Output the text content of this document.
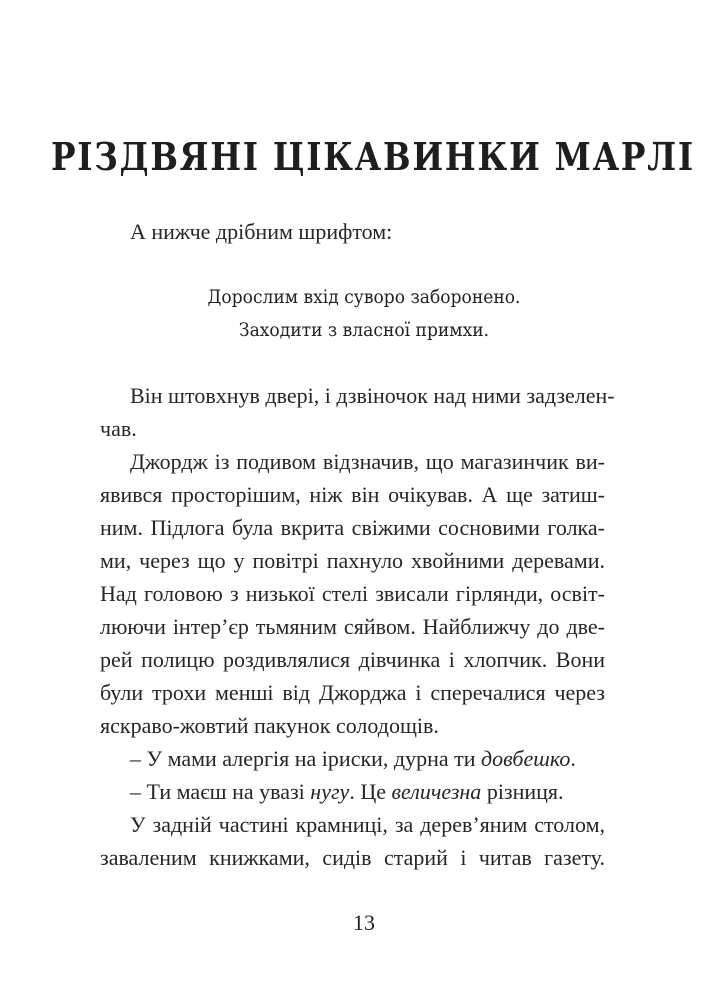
РІЗДВЯНІ ЦІКАВИНКИ МАРЛІ
А нижче дрібним шрифтом:
Дорослим вхід суворо заборонено.
Заходити з власної примхи.
Він штовхнув двері, і дзвіночок над ними задзелен-
чав.
Джордж із подивом відзначив, що магазинчик ви-
явився просторішим, ніж він очікував. А ще затиш-
ним. Підлога була вкрита свіжими сосновими голка-
ми, через що у повітрі пахнуло хвойними деревами.
Над головою з низької стелі звисали гірлянди, освіт-
люючи інтер’єр тьмяним сяйвом. Найближчу до две-
рей полицю роздивлялися дівчинка і хлопчик. Вони
були трохи менші від Джорджа і сперечалися через
яскраво-жовтий пакунок солодощів.
– У мами алергія на іриски, дурна ти довбешко.
– Ти маєш на увазі нугу. Це величезна різниця.
У задній частині крамниці, за дерев’яним столом,
заваленим книжками, сидів старий і читав газету.
13
